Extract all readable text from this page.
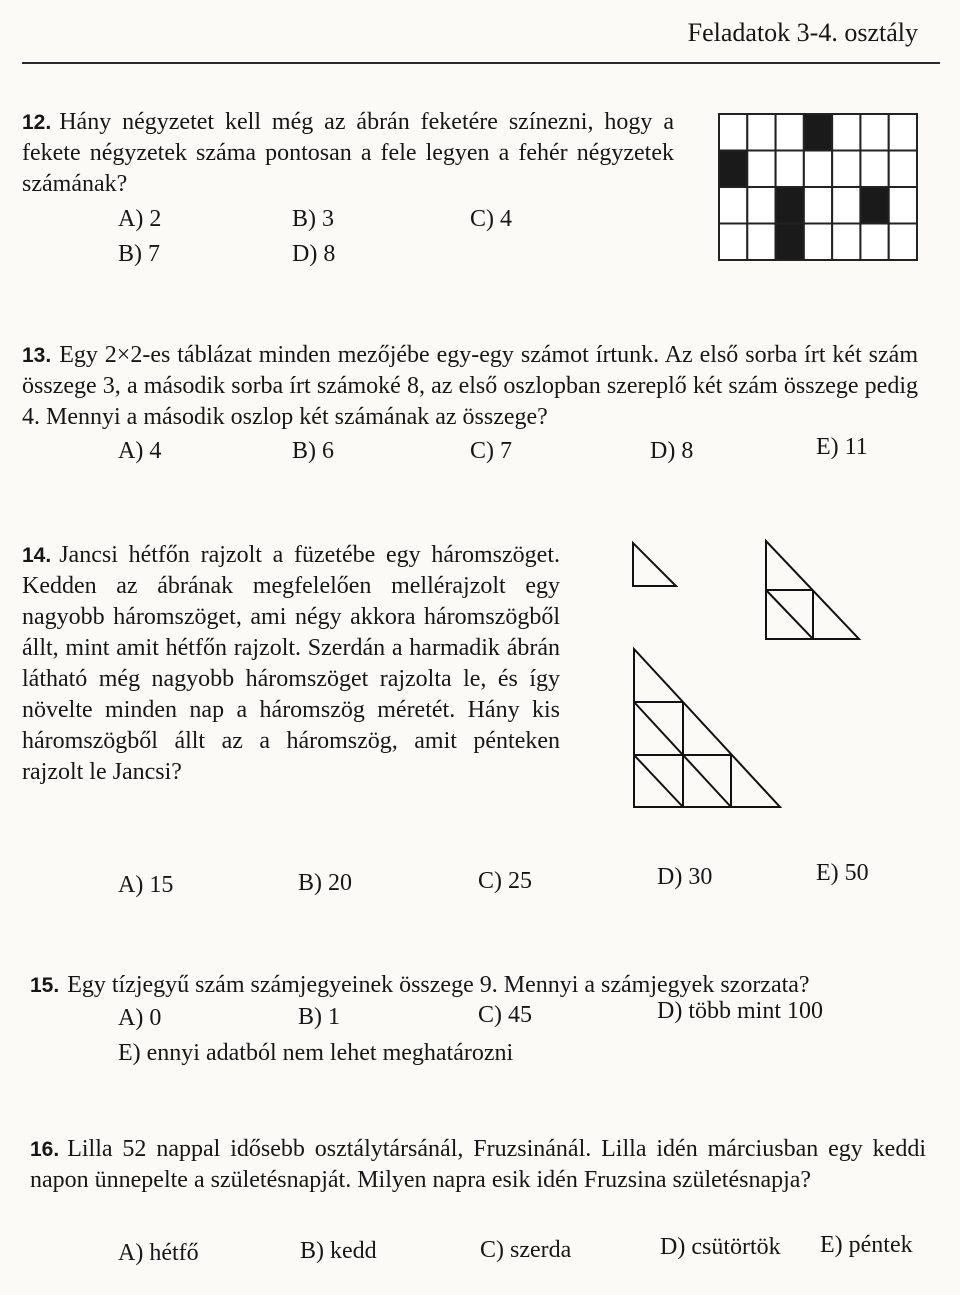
Feladatok 3-4. osztály
12. Hány négyzetet kell még az ábrán feketére színezni, hogy a fekete négyzetek száma pontosan a fele legyen a fehér négyzetek számának?
A) 2	B) 3	C) 4
B) 7	D) 8
13. Egy 2×2-es táblázat minden mezőjébe egy-egy számot írtunk. Az első sorba írt két szám összege 3, a második sorba írt számoké 8, az első oszlopban szereplő két szám összege pedig 4. Mennyi a második oszlop két számának az összege?
A) 4	B) 6	C) 7	D) 8	E) 11
14. Jancsi hétfőn rajzolt a füzetébe egy háromszöget. Kedden az ábrának megfelelően mellérajzolt egy nagyobb háromszöget, ami négy akkora háromszögből állt, mint amit hétfőn rajzolt. Szerdán a harmadik ábrán látható még nagyobb háromszöget rajzolta le, és így növelte minden nap a háromszög méretét. Hány kis háromszögből állt az a háromszög, amit pénteken rajzolt le Jancsi?
A) 15	B) 20	C) 25	D) 30	E) 50
15. Egy tízjegyű szám számjegyeinek összege 9. Mennyi a számjegyek szorzata?
A) 0	B) 1	C) 45	D) több mint 100
E) ennyi adatból nem lehet meghatározni
16. Lilla 52 nappal idősebb osztálytársánál, Fruzsinánál. Lilla idén márciusban egy keddi napon ünnepelte a születésnapját. Milyen napra esik idén Fruzsina születésnapja?
A) hétfő	B) kedd	C) szerda	D) csütörtök E) péntek
